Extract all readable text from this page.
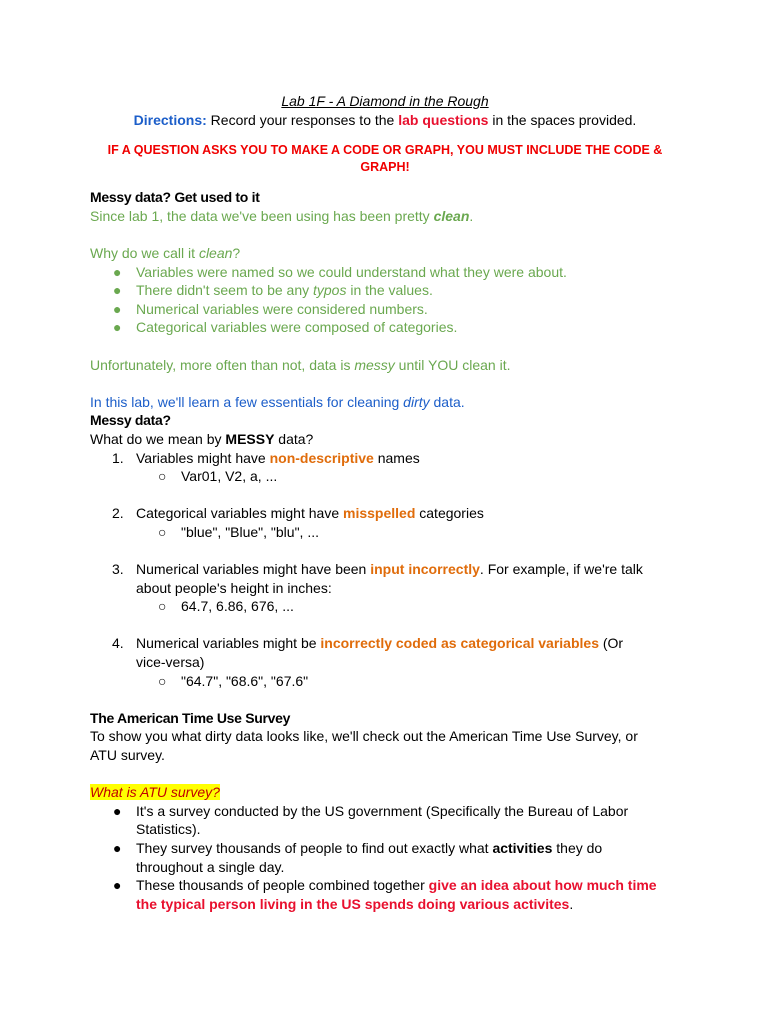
Lab 1F - A Diamond in the Rough

Directions: Record your responses to the lab questions in the spaces provided.

IF A QUESTION ASKS YOU TO MAKE A CODE OR GRAPH, YOU MUST INCLUDE THE CODE & GRAPH!

Messy data? Get used to it

Since lab 1, the data we've been using has been pretty clean.

Why do we call it clean?

● Variables were named so we could understand what they were about.
● There didn't seem to be any typos in the values.
● Numerical variables were considered numbers.
● Categorical variables were composed of categories.

Unfortunately, more often than not, data is messy until YOU clean it.

In this lab, we'll learn a few essentials for cleaning dirty data.

Messy data?

What do we mean by MESSY data?

1. Variables might have non-descriptive names
○ Var01, V2, a, ...
2. Categorical variables might have misspelled categories
○ "blue", "Blue", "blu", ...
3. Numerical variables might have been input incorrectly. For example, if we're talk
about people's height in inches:
○ 64.7, 6.86, 676, ...
4. Numerical variables might be incorrectly coded as categorical variables (Or
vice-versa)
○ "64.7", "68.6", "67.6"

The American Time Use Survey

To show you what dirty data looks like, we'll check out the American Time Use Survey, or

ATU survey.

What is ATU survey?

● It's a survey conducted by the US government (Specifically the Bureau of Labor
Statistics).
● They survey thousands of people to find out exactly what activities they do
throughout a single day.
● These thousands of people combined together give an idea about how much time
the typical person living in the US spends doing various activites.
